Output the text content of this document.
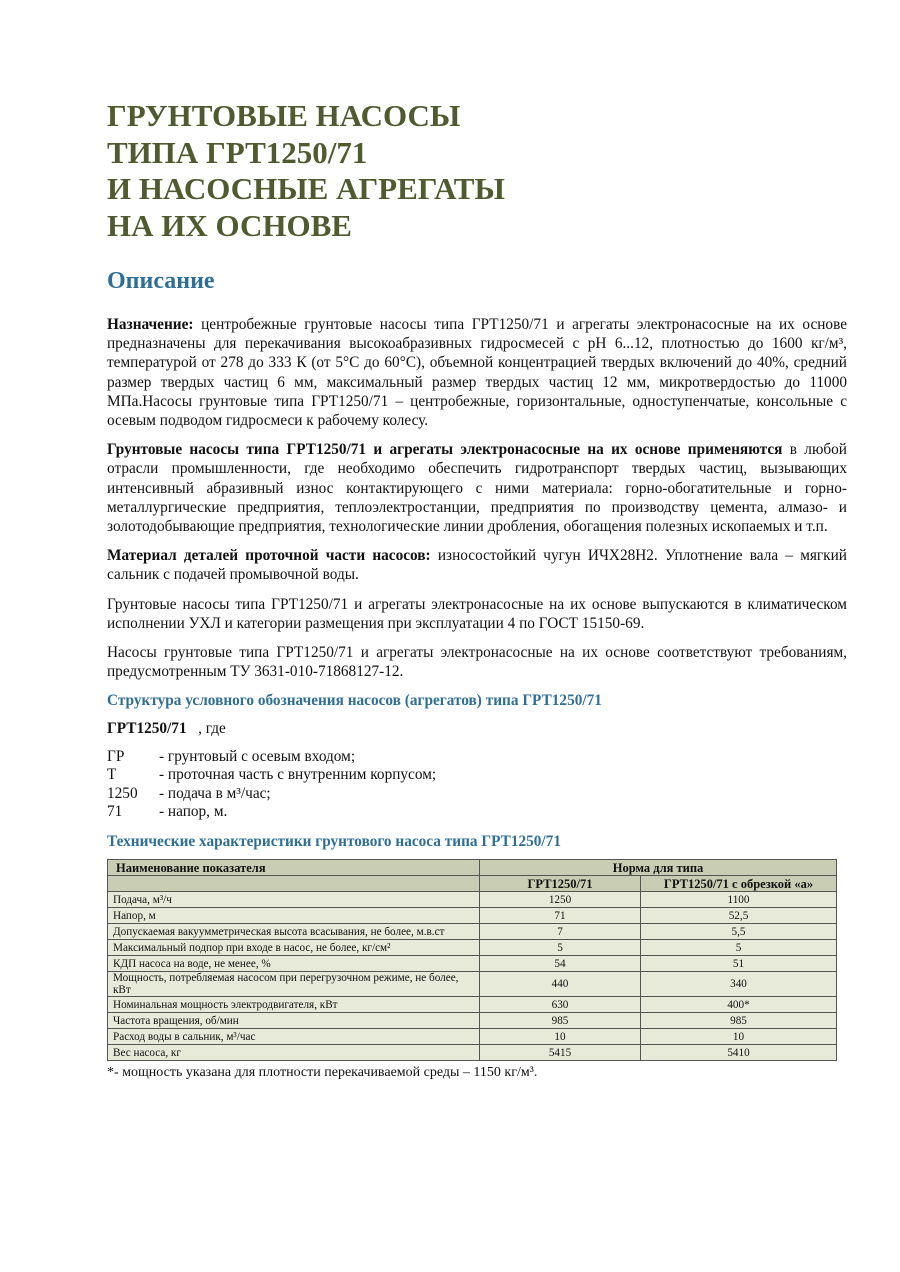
ГРУНТОВЫЕ НАСОСЫ
ТИПА ГРТ1250/71
И НАСОСНЫЕ АГРЕГАТЫ
НА ИХ ОСНОВЕ
Описание

Назначение: центробежные грунтовые насосы типа ГРТ1250/71 и агрегаты электронасосные на их основе предназначены для перекачивания высокоабразивных гидросмесей с pH 6...12, плотностью до 1600 кг/м³, температурой от 278 до 333 К (от 5°С до 60°С), объемной концентрацией твердых включений до 40%, средний размер твердых частиц 6 мм, максимальный размер твердых частиц 12 мм, микротвердостью до 11000 МПа.Насосы грунтовые типа ГРТ1250/71 – центробежные, горизонтальные, одноступенчатые, консольные с осевым подводом гидросмеси к рабочему колесу.

Грунтовые насосы типа ГРТ1250/71 и агрегаты электронасосные на их основе применяются в любой отрасли промышленности, где необходимо обеспечить гидротранспорт твердых частиц, вызывающих интенсивный абразивный износ контактирующего с ними материала: горно-обогатительные и горно-металлургические предприятия, теплоэлектростанции, предприятия по производству цемента, алмазо- и золотодобывающие предприятия, технологические линии дробления, обогащения полезных ископаемых и т.п.

Материал деталей проточной части насосов: износостойкий чугун ИЧХ28Н2. Уплотнение вала – мягкий сальник с подачей промывочной воды.

Грунтовые насосы типа ГРТ1250/71 и агрегаты электронасосные на их основе выпускаются в климатическом исполнении УХЛ и категории размещения при эксплуатации 4 по ГОСТ 15150-69.

Насосы грунтовые типа ГРТ1250/71 и агрегаты электронасосные на их основе соответствуют требованиям, предусмотренным ТУ 3631-010-71868127-12.

Структура условного обозначения насосов (агрегатов) типа ГРТ1250/71
ГРТ1250/71   , где
ГР	- грунтовый с осевым входом;
Т	- проточная часть с внутренним корпусом;
1250	- подача в м³/час;
71	- напор, м.
Технические характеристики грунтового насоса типа ГРТ1250/71
Наименование показателя	Норма для типа	
	ГРТ1250/71	ГРТ1250/71 с обрезкой «а»
Подача, м³/ч	1250	1100
Напор, м	71	52,5
Допускаемая вакуумметрическая высота всасывания, не более, м.в.ст	7	5,5
Максимальный подпор при входе в насос, не более, кг/см²	5	5
КДП насоса на воде, не менее, %	54	51
Мощность, потребляемая насосом при перегрузочном режиме, не более, кВт	440	340
Номинальная мощность электродвигателя, кВт	630	400*
Частота вращения, об/мин	985	985
Расход воды в сальник, м³/час	10	10
Вес насоса, кг	5415	5410
*- мощность указана для плотности перекачиваемой среды – 1150 кг/м³.
